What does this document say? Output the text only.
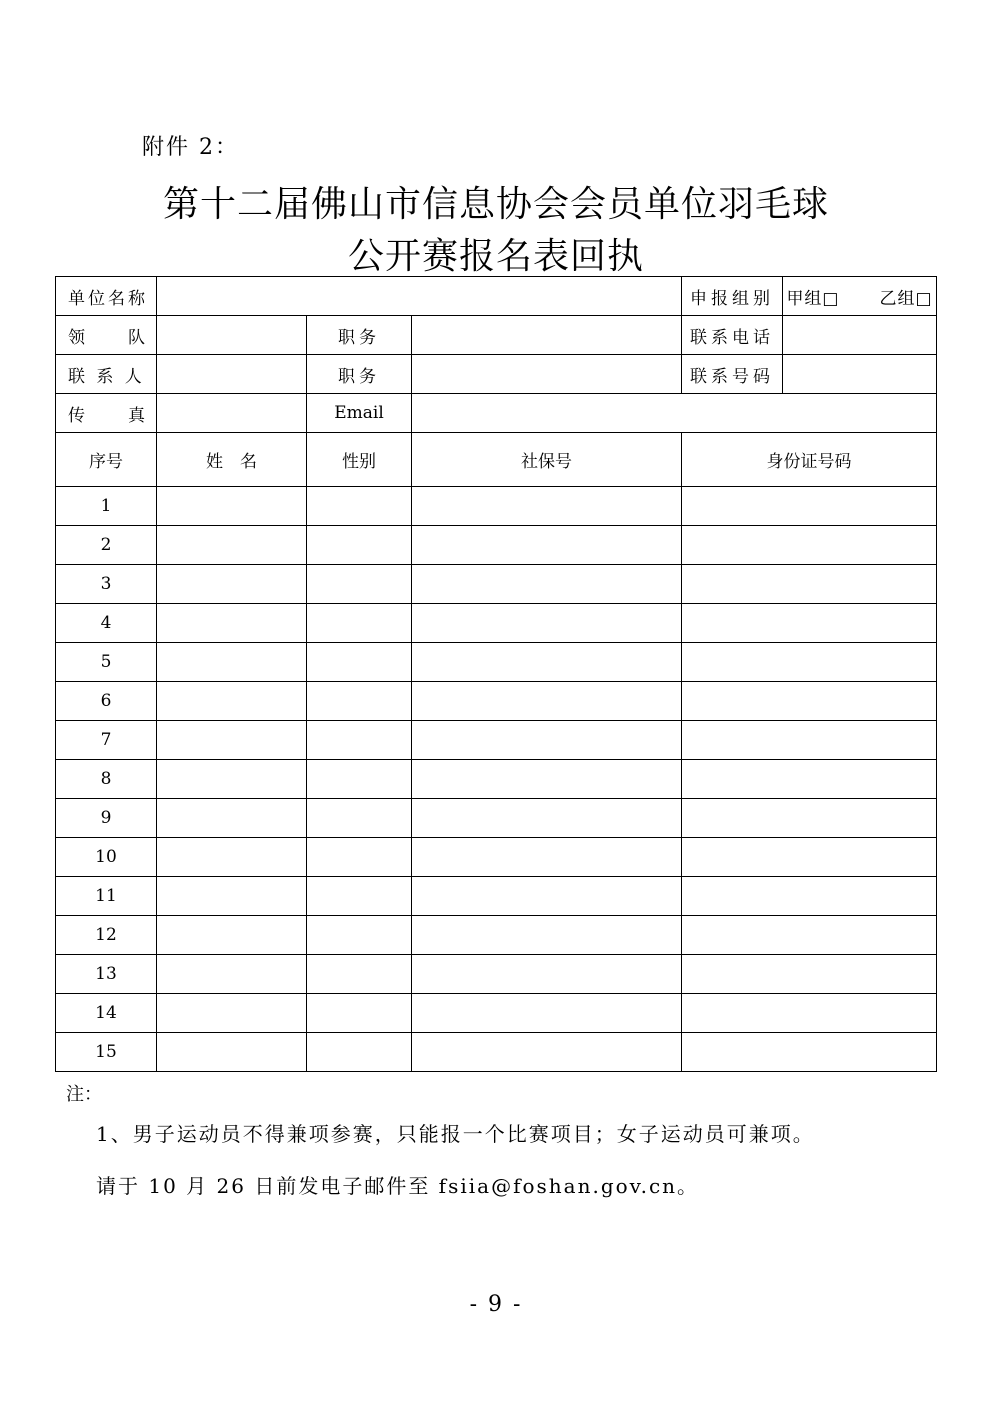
附件 2：
第十二届佛山市信息协会会员单位羽毛球
公开赛报名表回执
单位名称				申报组别	甲组□ 乙组□
领　　队		职务		联系电话	
联 系 人		职务		联系号码	
传　　真		Email			
序号	姓　名	性别	社保号	身份证号码	
1					
2					
3					
4					
5					
6					
7					
8					
9					
10					
11					
12					
13					
14					
15					
注：
1、男子运动员不得兼项参赛，只能报一个比赛项目；女子运动员可兼项。
请于 10 月 26 日前发电子邮件至 fsiia@foshan.gov.cn。
- 9 -
